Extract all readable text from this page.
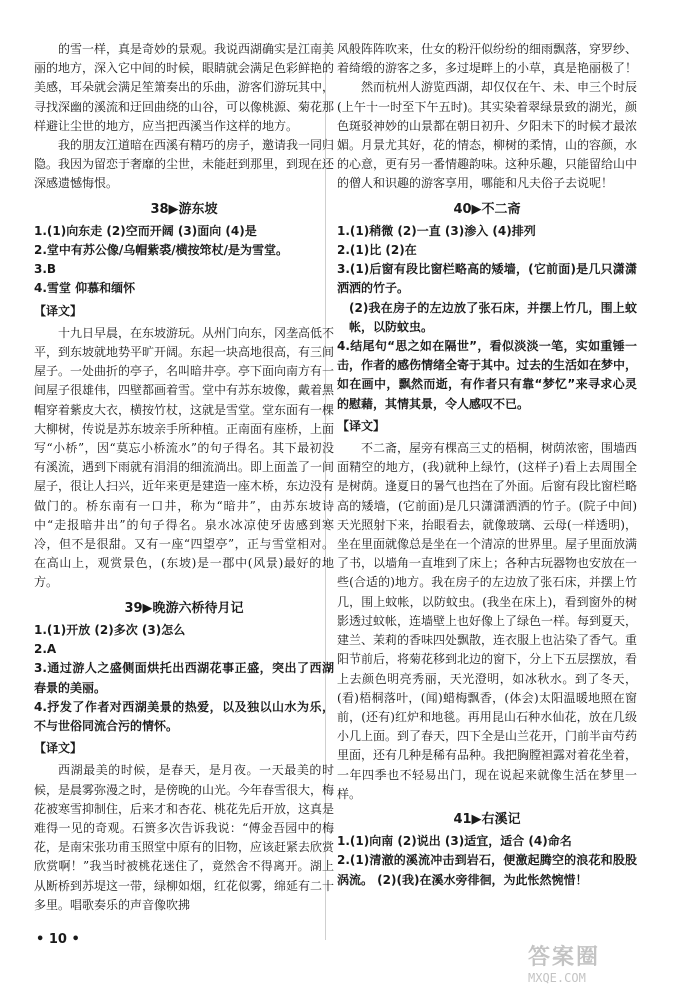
的雪一样，真是奇妙的景观。我说西湖确实是江南美丽的地方，深入它中间的时候，眼睛就会满足色彩鲜艳的美感，耳朵就会满足笙箫奏出的乐曲，游客们游玩其中，寻找深幽的溪流和迂回曲绕的山谷，可以像桃源、菊花那样避让尘世的地方，应当把西溪当作这样的地方。

我的朋友江道暗在西溪有精巧的房子，邀请我一同归隐。我因为留恋于奢靡的尘世，未能赶到那里，到现在还深感遗憾悔恨。

38▶游东坡

1.(1)向东走 (2)空而开阔 (3)面向 (4)是

2.堂中有苏公像/乌帽紫裘/横按筇杖/是为雪堂。

3.B

4.雪堂 仰慕和缅怀

【译文】

十九日早晨，在东坡游玩。从州门向东，冈垄高低不平，到东坡就地势平旷开阔。东起一块高地很高，有三间屋子。一处曲折的亭子，名叫暗井亭。亭下面向南方有一间屋子很雄伟，四壁都画着雪。堂中有苏东坡像，戴着黑帽穿着紫皮大衣，横按竹杖，这就是雪堂。堂东面有一棵大柳树，传说是苏东坡亲手所种植。正南面有座桥，上面写“小桥”，因“莫忘小桥流水”的句子得名。其下最初没有溪流，遇到下雨就有涓涓的细流淌出。即上面盖了一间屋子，很让人扫兴，近年来更是建造一座木桥，东边没有做门的。桥东南有一口井，称为“暗井”，由苏东坡诗中“走报暗井出”的句子得名。泉水冰凉使牙齿感到寒冷，但不是很甜。又有一座“四望亭”，正与雪堂相对。在高山上，观赏景色，(东坡)是一郡中(风景)最好的地方。

39▶晚游六桥待月记

1.(1)开放 (2)多次 (3)怎么

2.A

3.通过游人之盛侧面烘托出西湖花事正盛，突出了西湖春景的美丽。

4.抒发了作者对西湖美景的热爱，以及独以山水为乐，不与世俗同流合污的情怀。

【译文】

西湖最美的时候，是春天，是月夜。一天最美的时候，是晨雾弥漫之时，是傍晚的山光。今年春雪很大，梅花被寒雪抑制住，后来才和杏花、桃花先后开放，这真是难得一见的奇观。石篑多次告诉我说：“傅金吾园中的梅花，是南宋张功甫玉照堂中原有的旧物，应该赶紧去欣赏欣赏啊！”我当时被桃花迷住了，竟然舍不得离开。湖上从断桥到苏堤这一带，绿柳如烟，红花似雾，绵延有二十多里。唱歌奏乐的声音像吹拂

风般阵阵吹来，仕女的粉汗似纷纷的细雨飘落，穿罗纱、着绮缎的游客之多，多过堤畔上的小草，真是艳丽极了！

然而杭州人游览西湖，却仅仅在午、未、申三个时辰(上午十一时至下午五时)。其实染着翠绿景致的湖光，颜色斑驳神妙的山景都在朝日初升、夕阳未下的时候才最浓媚。月景尤其好，花的情态，柳树的柔情，山的容颜，水的心意，更有另一番情趣韵味。这种乐趣，只能留给山中的僧人和识趣的游客享用，哪能和凡夫俗子去说呢！

40▶不二斋

1.(1)稍微 (2)一直 (3)渗入 (4)排列

2.(1)比 (2)在

3.(1)后窗有段比窗栏略高的矮墙，(它前面)是几只潇潇洒洒的竹子。

(2)我在房子的左边放了张石床，并摆上竹几，围上蚊帐，以防蚊虫。

4.结尾句“思之如在隔世”，看似淡淡一笔，实如重锤一击，作者的感伤情绪全寄于其中。过去的生活如在梦中，如在画中，飘然而逝，有作者只有靠“梦忆”来寻求心灵的慰藉，其情其景，令人感叹不已。

【译文】

不二斋，屋旁有棵高三丈的梧桐，树荫浓密，围墙西面精空的地方，(我)就种上绿竹，(这样子)看上去周围全是树荫。逢夏日的暑气也挡在了外面。后窗有段比窗栏略高的矮墙，(它前面)是几只潇潇洒洒的竹子。(院子中间)天光照射下来，抬眼看去，就像玻璃、云母(一样透明)，坐在里面就像总是坐在一个清凉的世界里。屋子里面放满了书，以墙角一直堆到了床上；各种古玩器物也安放在一些(合适的)地方。我在房子的左边放了张石床，并摆上竹几，围上蚊帐，以防蚊虫。(我坐在床上)，看到窗外的树影透过蚊帐，连墙壁上也好像上了绿色一样。每到夏天，建兰、茉莉的香味四处飘散，连衣服上也沾染了香气。重阳节前后，将菊花移到北边的窗下，分上下五层摆放，看上去颜色明亮秀丽，天光澄明，如冰秋水。到了冬天，(看)梧桐落叶，(闻)蜡梅飘香，(体会)太阳温暖地照在窗前，(还有)红炉和地毯。再用昆山石种水仙花，放在几级小几上面。到了春天，四下全是山兰花开，门前半亩芍药里面，还有几种是稀有品种。我把胸膛袒露对着花坐着，一年四季也不轻易出门，现在说起来就像生活在梦里一样。

41▶右溪记

1.(1)向南 (2)说出 (3)适宜，适合 (4)命名

2.(1)清澈的溪流冲击到岩石，便激起腾空的浪花和股股涡流。 (2)(我)在溪水旁徘徊，为此怅然惋惜！

• 10 •
答案圈
MXQE.COM
